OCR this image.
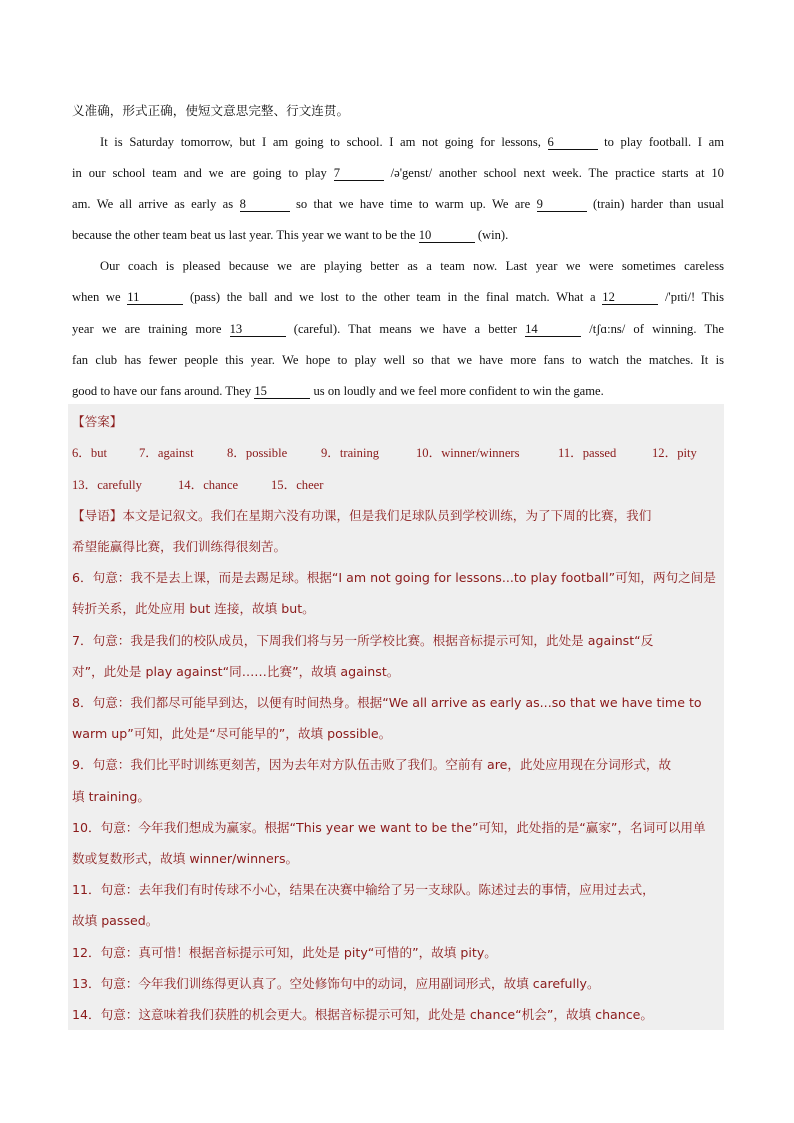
义准确，形式正确，使短文意思完整、行文连贯。
It is Saturday tomorrow, but I am going to school. I am not going for lessons, 6	to play football. I am
in our school team and we are going to play 7	/ə'genst/ another school next week. The practice starts at 10
am. We all arrive as early as 8	so that we have time to warm up. We are 9	(train) harder than usual
because the other team beat us last year. This year we want to be the 10	(win).
Our coach is pleased because we are playing better as a team now. Last year we were sometimes careless
when we 11	(pass) the ball and we lost to the other team in the final match. What a 12	/'pɪti/! This
year we are training more 13	(careful). That means we have a better 14	/tʃɑ:ns/ of winning. The
fan club has fewer people this year. We hope to play well so that we have more fans to watch the matches. It is
good to have our fans around. They 15	us on loudly and we feel more confident to win the game.
【答案】
6．but	7．against	8．possible	9．training	10．winner/winners	11．passed	12．pity
13．carefully	14．chance	15．cheer
【导语】本文是记叙文。我们在星期六没有功课，但是我们足球队员到学校训练，为了下周的比赛，我们
希望能赢得比赛，我们训练得很刻苦。
6．句意：我不是去上课，而是去踢足球。根据“I am not going for lessons...to play football”可知，两句之间是
转折关系，此处应用 but 连接，故填 but。
7．句意：我是我们的校队成员，下周我们将与另一所学校比赛。根据音标提示可知，此处是 against“反
对”，此处是 play against“同……比赛”，故填 against。
8．句意：我们都尽可能早到达，以便有时间热身。根据“We all arrive as early as...so that we have time to
warm up”可知，此处是“尽可能早的”，故填 possible。
9．句意：我们比平时训练更刻苦，因为去年对方队伍击败了我们。空前有 are，此处应用现在分词形式，故
填 training。
10．句意：今年我们想成为赢家。根据“This year we want to be the”可知，此处指的是“赢家”，名词可以用单
数或复数形式，故填 winner/winners。
11．句意：去年我们有时传球不小心，结果在决赛中输给了另一支球队。陈述过去的事情，应用过去式，
故填 passed。
12．句意：真可惜！根据音标提示可知，此处是 pity“可惜的”，故填 pity。
13．句意：今年我们训练得更认真了。空处修饰句中的动词，应用副词形式，故填 carefully。
14．句意：这意味着我们获胜的机会更大。根据音标提示可知，此处是 chance“机会”，故填 chance。
